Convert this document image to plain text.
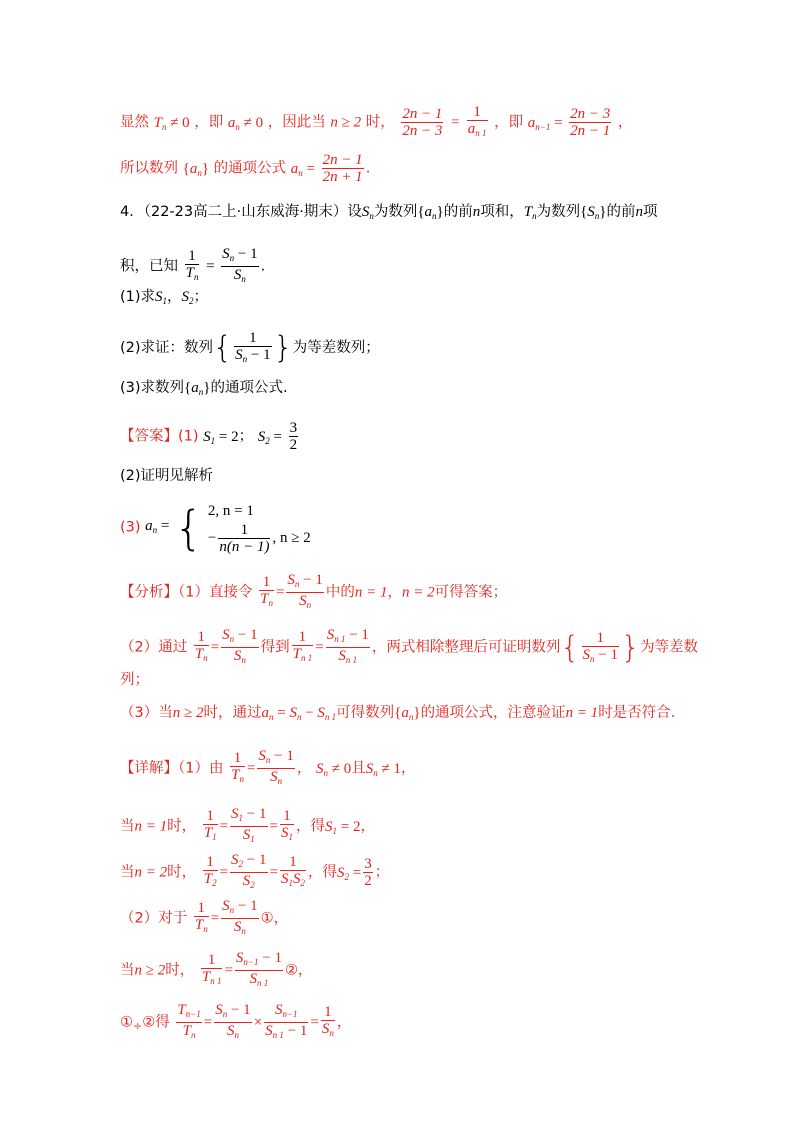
显然 $T_n \ne 0$ ，即 $a_n \ne 0$ ，因此当 n ≥ 2 时， $\frac{2n - 1}{2n - 3} = \frac{1}{a_{n 1}}$ ，即 $a_{n-1} = \frac{2n - 3}{2n - 1}$ ，
所以数列 $\{a_n\}$ 的通项公式 $a_n = \frac{2n - 1}{2n + 1}$ .
4．（22-23高二上·山东威海·期末）设$S_n$为数列$\{a_n\}$的前n项和，$T_n$为数列$\{S_n\}$的前n项
积，已知 $\frac{1}{T_n} = \frac{S_n - 1}{S_n}$ .
(1)求$S_1$，$S_2$；
(2)求证：数列{ $\frac{1}{S_n - 1}$ }为等差数列；
(3)求数列$\{a_n\}$的通项公式.
【答案】(1) $S_1 = 2$； $S_2 = \frac{3}{2}$
(2)证明见解析
(3) $a_n$ = { 2, n = 1
− $\frac{1}{n(n - 1)}$ , n ≥ 2
【分析】（1）直接令 $\frac{1}{T_n} = \frac{S_n - 1}{S_n}$ 中的n = 1，n = 2可得答案；
（2）通过 $\frac{1}{T_n} = \frac{S_n - 1}{S_n}$ 得到 $\frac{1}{T_{n 1}} = \frac{S_{n 1} - 1}{S_{n 1}}$ ，两式相除整理后可证明数列{ $\frac{1}{S_n - 1}$ }为等差数
列；
（3）当n ≥ 2时，通过$a_n = S_n - S_{n 1}$可得数列$\{a_n\}$的通项公式，注意验证n = 1时是否符合.
【详解】（1）由 $\frac{1}{T_n} = \frac{S_n - 1}{S_n}$ ， $S_n \ne 0$且$S_n \ne 1$，
当n = 1时， $\frac{1}{T_1} = \frac{S_1 - 1}{S_1} = \frac{1}{S_1}$ ，得$S_1 = 2$，
当n = 2时， $\frac{1}{T_2} = \frac{S_2 - 1}{S_2} = \frac{1}{S_1S_2}$ ，得$S_2 = \frac{3}{2}$ ；
（2）对于 $\frac{1}{T_n} = \frac{S_n - 1}{S_n}$ ①，
当n ≥ 2时， $\frac{1}{T_{n 1}} = \frac{S_{n-1} - 1}{S_{n 1}}$ ②，
$①_\div ②$得 $\frac{T_{n-1}}{T_n} = \frac{S_n - 1}{S_n} \times \frac{S_{n-1}}{S_{n 1} - 1} = \frac{1}{S_n}$ ，
